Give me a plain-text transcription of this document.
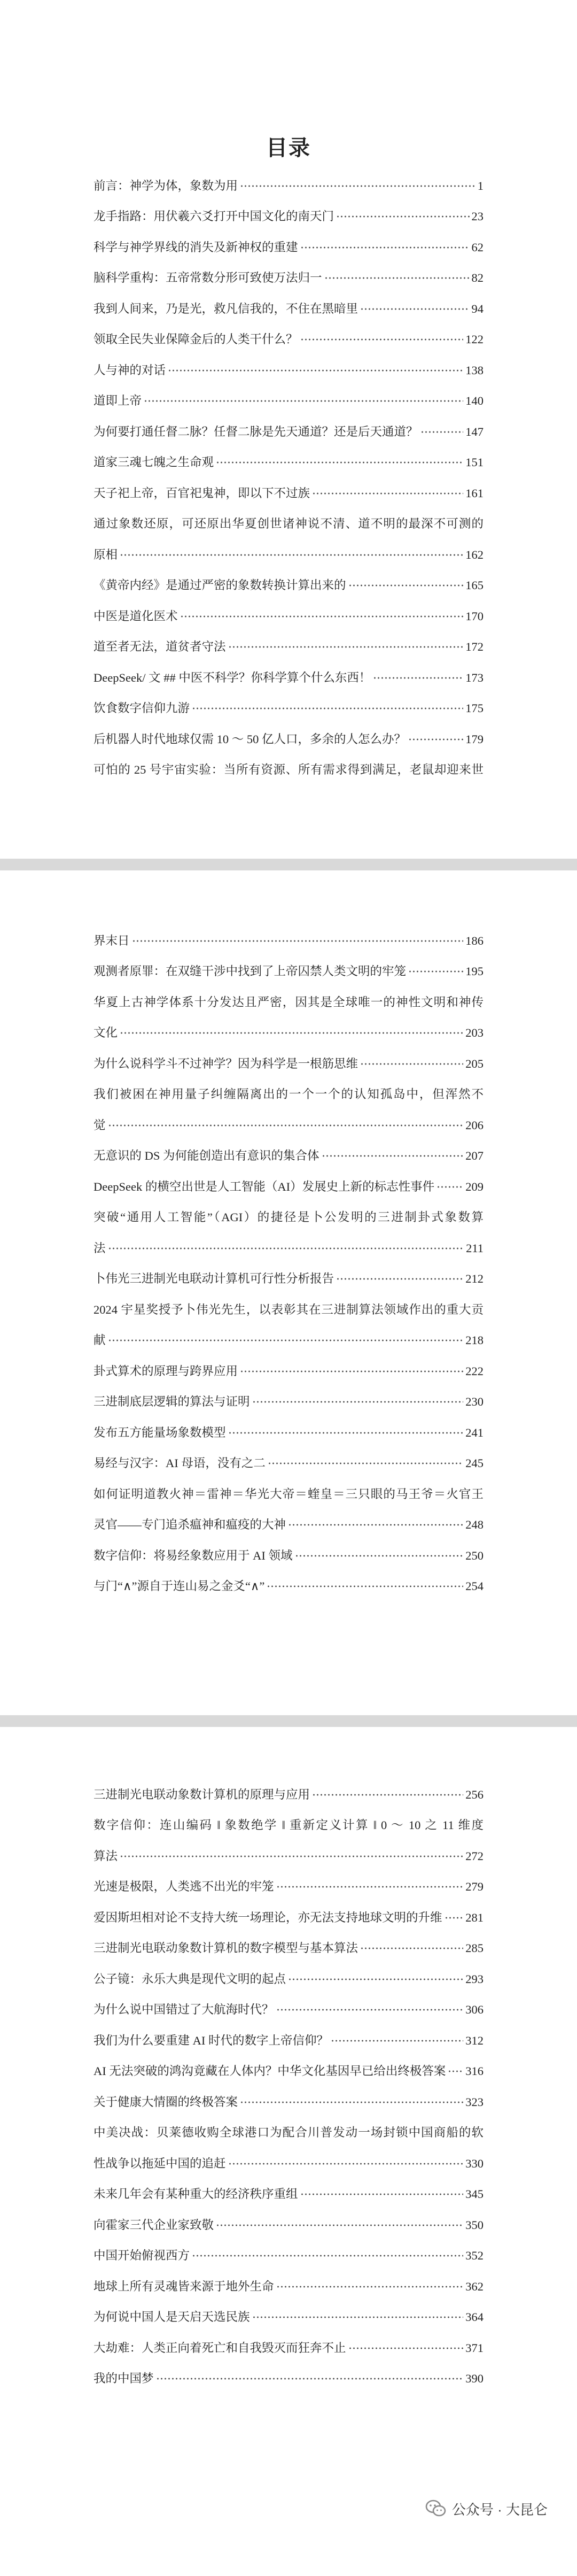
目录
前言：神学为体，象数为用	1
龙手指路：用伏羲六爻打开中国文化的南天门	23
科学与神学界线的消失及新神权的重建	62
脑科学重构：五帝常数分形可致使万法归一	82
我到人间来，乃是光，救凡信我的，不住在黑暗里	94
领取全民失业保障金后的人类干什么？	122
人与神的对话	138
道即上帝	140
为何要打通任督二脉？任督二脉是先天通道？还是后天通道？	147
道家三魂七魄之生命观	151
天子祀上帝，百官祀鬼神，即以下不过族	161
通过象数还原，可还原出华夏创世诸神说不清、道不明的最深不可测的
原相	162
《黄帝内经》是通过严密的象数转换计算出来的	165
中医是道化医术	170
道至者无法，道贫者守法	172
DeepSeek/ 文 ## 中医不科学？你科学算个什么东西！	173
饮食数字信仰九游	175
后机器人时代地球仅需 10 ～ 50 亿人口，多余的人怎么办？	179
可怕的 25 号宇宙实验：当所有资源、所有需求得到满足，老鼠却迎来世
界末日	186
观测者原罪：在双缝干涉中找到了上帝囚禁人类文明的牢笼	195
华夏上古神学体系十分发达且严密，因其是全球唯一的神性文明和神传
文化	203
为什么说科学斗不过神学？因为科学是一根筋思维	205
我们被困在神用量子纠缠隔离出的一个一个的认知孤岛中，但浑然不
觉	206
无意识的 DS 为何能创造出有意识的集合体	207
DeepSeek 的横空出世是人工智能（AI）发展史上新的标志性事件	209
突破“通用人工智能”（AGI）的捷径是卜公发明的三进制卦式象数算
法	211
卜伟光三进制光电联动计算机可行性分析报告	212
2024 宇星奖授予卜伟光先生，以表彰其在三进制算法领域作出的重大贡
献	218
卦式算术的原理与跨界应用	222
三进制底层逻辑的算法与证明	230
发布五方能量场象数模型	241
易经与汉字：AI 母语，没有之二	245
如何证明道教火神＝雷神＝华光大帝＝蝰皇＝三只眼的马王爷＝火官王
灵官——专门追杀瘟神和瘟疫的大神	248
数字信仰：将易经象数应用于 AI 领域	250
与门“∧”源自于连山易之金爻“∧”	254
三进制光电联动象数计算机的原理与应用	256
数字信仰：连山编码 ‖ 象数绝学 ‖ 重新定义计算 ‖ 0 ～ 10 之 11 维度
算法	272
光速是极限，人类逃不出光的牢笼	279
爱因斯坦相对论不支持大统一场理论，亦无法支持地球文明的升维 281
三进制光电联动象数计算机的数字模型与基本算法	285
公子镜：永乐大典是现代文明的起点	293
为什么说中国错过了大航海时代？	306
我们为什么要重建 AI 时代的数字上帝信仰？	312
AI 无法突破的鸿沟竟藏在人体内？中华文化基因早已给出终极答案 316
关于健康大情圈的终极答案	323
中美决战：贝莱德收购全球港口为配合川普发动一场封锁中国商船的软
性战争以拖延中国的追赶	330
未来几年会有某种重大的经济秩序重组	345
向霍家三代企业家致敬	350
中国开始俯视西方	352
地球上所有灵魂皆来源于地外生命	362
为何说中国人是天启天选民族	364
大劫难：人类正向着死亡和自我毁灭而狂奔不止	371
我的中国梦	390
公众号 · 大昆仑
